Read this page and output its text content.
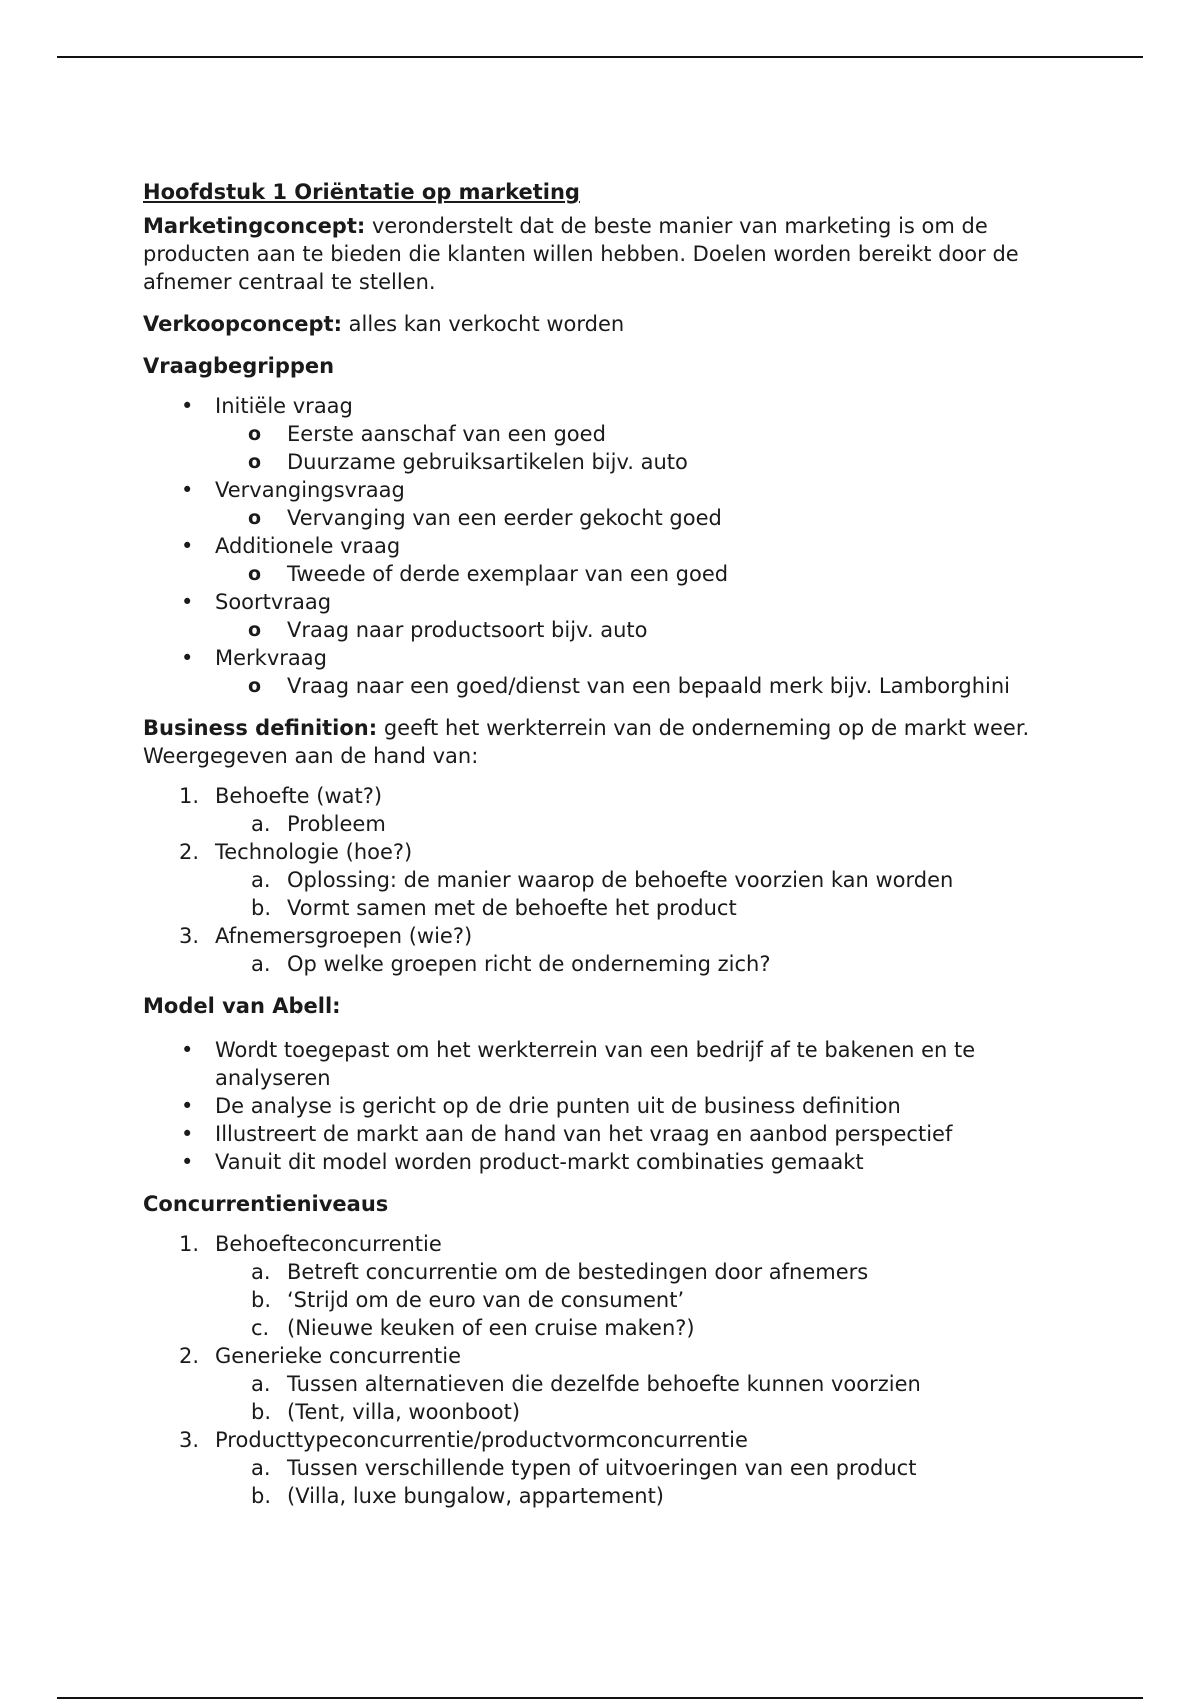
Hoofdstuk 1 Oriëntatie op marketing

Marketingconcept: veronderstelt dat de beste manier van marketing is om de producten aan te bieden die klanten willen hebben. Doelen worden bereikt door de afnemer centraal te stellen.

Verkoopconcept: alles kan verkocht worden

Vraagbegrippen
• Initiële vraag
o Eerste aanschaf van een goed
o Duurzame gebruiksartikelen bijv. auto
• Vervangingsvraag
o Vervanging van een eerder gekocht goed
• Additionele vraag
o Tweede of derde exemplaar van een goed
• Soortvraag
o Vraag naar productsoort bijv. auto
• Merkvraag
o Vraag naar een goed/dienst van een bepaald merk bijv. Lamborghini

Business definition: geeft het werkterrein van de onderneming op de markt weer. Weergegeven aan de hand van:

1. Behoefte (wat?)
a. Probleem
2. Technologie (hoe?)
a. Oplossing: de manier waarop de behoefte voorzien kan worden
b. Vormt samen met de behoefte het product
3. Afnemersgroepen (wie?)
a. Op welke groepen richt de onderneming zich?
Model van Abell:
• Wordt toegepast om het werkterrein van een bedrijf af te bakenen en te analyseren
• De analyse is gericht op de drie punten uit de business definition
• Illustreert de markt aan de hand van het vraag en aanbod perspectief
• Vanuit dit model worden product-markt combinaties gemaakt
Concurrentieniveaus
1. Behoefteconcurrentie
a. Betreft concurrentie om de bestedingen door afnemers
b. ‘Strijd om de euro van de consument’
c. (Nieuwe keuken of een cruise maken?)
2. Generieke concurrentie
a. Tussen alternatieven die dezelfde behoefte kunnen voorzien
b. (Tent, villa, woonboot)
3. Producttypeconcurrentie/productvormconcurrentie
a. Tussen verschillende typen of uitvoeringen van een product
b. (Villa, luxe bungalow, appartement)
